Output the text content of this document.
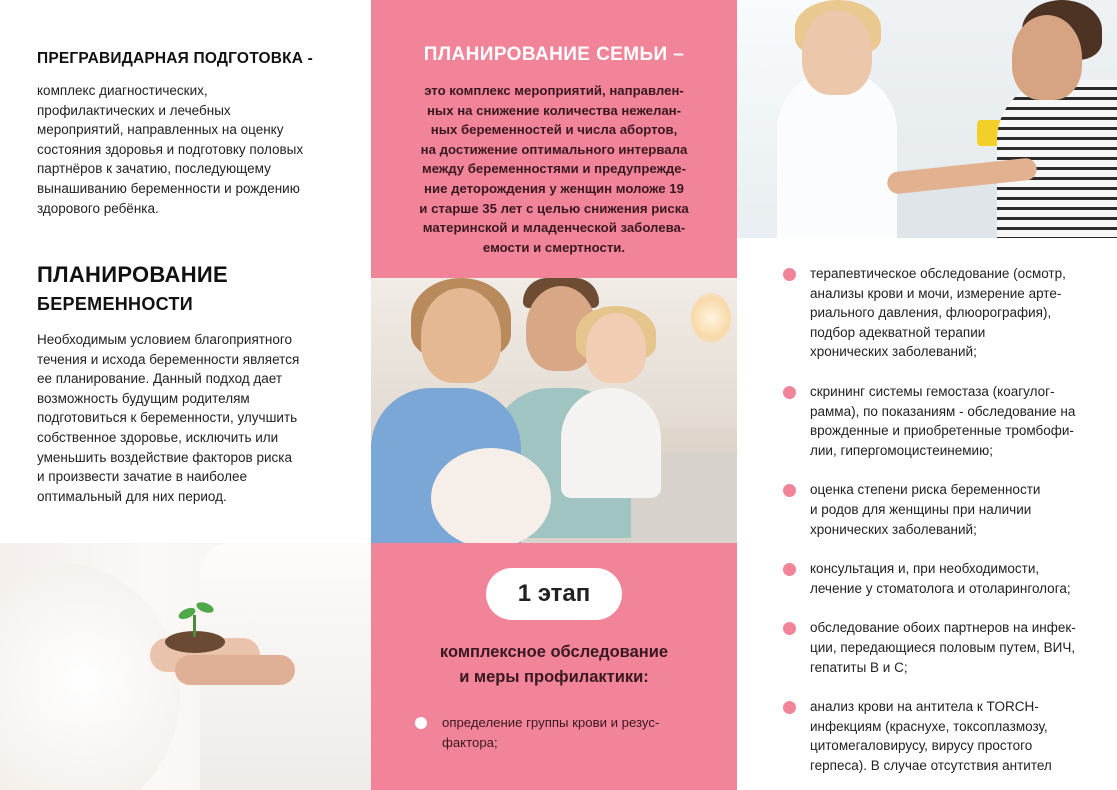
ПРЕГРАВИДАРНАЯ ПОДГОТОВКА -
комплекс диагностических,
профилактических и лечебных
мероприятий, направленных на оценку
состояния здоровья и подготовку половых
партнёров к зачатию, последующему
вынашиванию беременности и рождению
здорового ребёнка.
ПЛАНИРОВАНИЕ
БЕРЕМЕННОСТИ
Необходимым условием благоприятного
течения и исхода беременности является
ее планирование. Данный подход дает
возможность будущим родителям
подготовиться к беременности, улучшить
собственное здоровье, исключить или
уменьшить воздействие факторов риска
и произвести зачатие в наиболее
оптимальный для них период.
ПЛАНИРОВАНИЕ СЕМЬИ –
это комплекс мероприятий, направлен-
ных на снижение количества нежелан-
ных беременностей и числа абортов,
на достижение оптимального интервала
между беременностями и предупрежде-
ние деторождения у женщин моложе 19
и старше 35 лет с целью снижения риска
материнской и младенческой заболева-
емости и смертности.
1 этап
комплексное обследование
и меры профилактики:
определение группы крови и резус-
фактора;
терапевтическое обследование (осмотр,
анализы крови и мочи, измерение арте-
риального давления, флюорография),
подбор адекватной терапии
хронических заболеваний;
скрининг системы гемостаза (коагулог-
рамма), по показаниям - обследование на
врожденные и приобретенные тромбофи-
лии, гипергомоцистеинемию;
оценка степени риска беременности
и родов для женщины при наличии
хронических заболеваний;
консультация и, при необходимости,
лечение у стоматолога и отоларинголога;
обследование обоих партнеров на инфек-
ции, передающиеся половым путем, ВИЧ,
гепатиты В и С;
анализ крови на антитела к TORCH-
инфекциям (краснухе, токсоплазмозу,
цитомегаловирусу, вирусу простого
герпеса). В случае отсутствия антител
